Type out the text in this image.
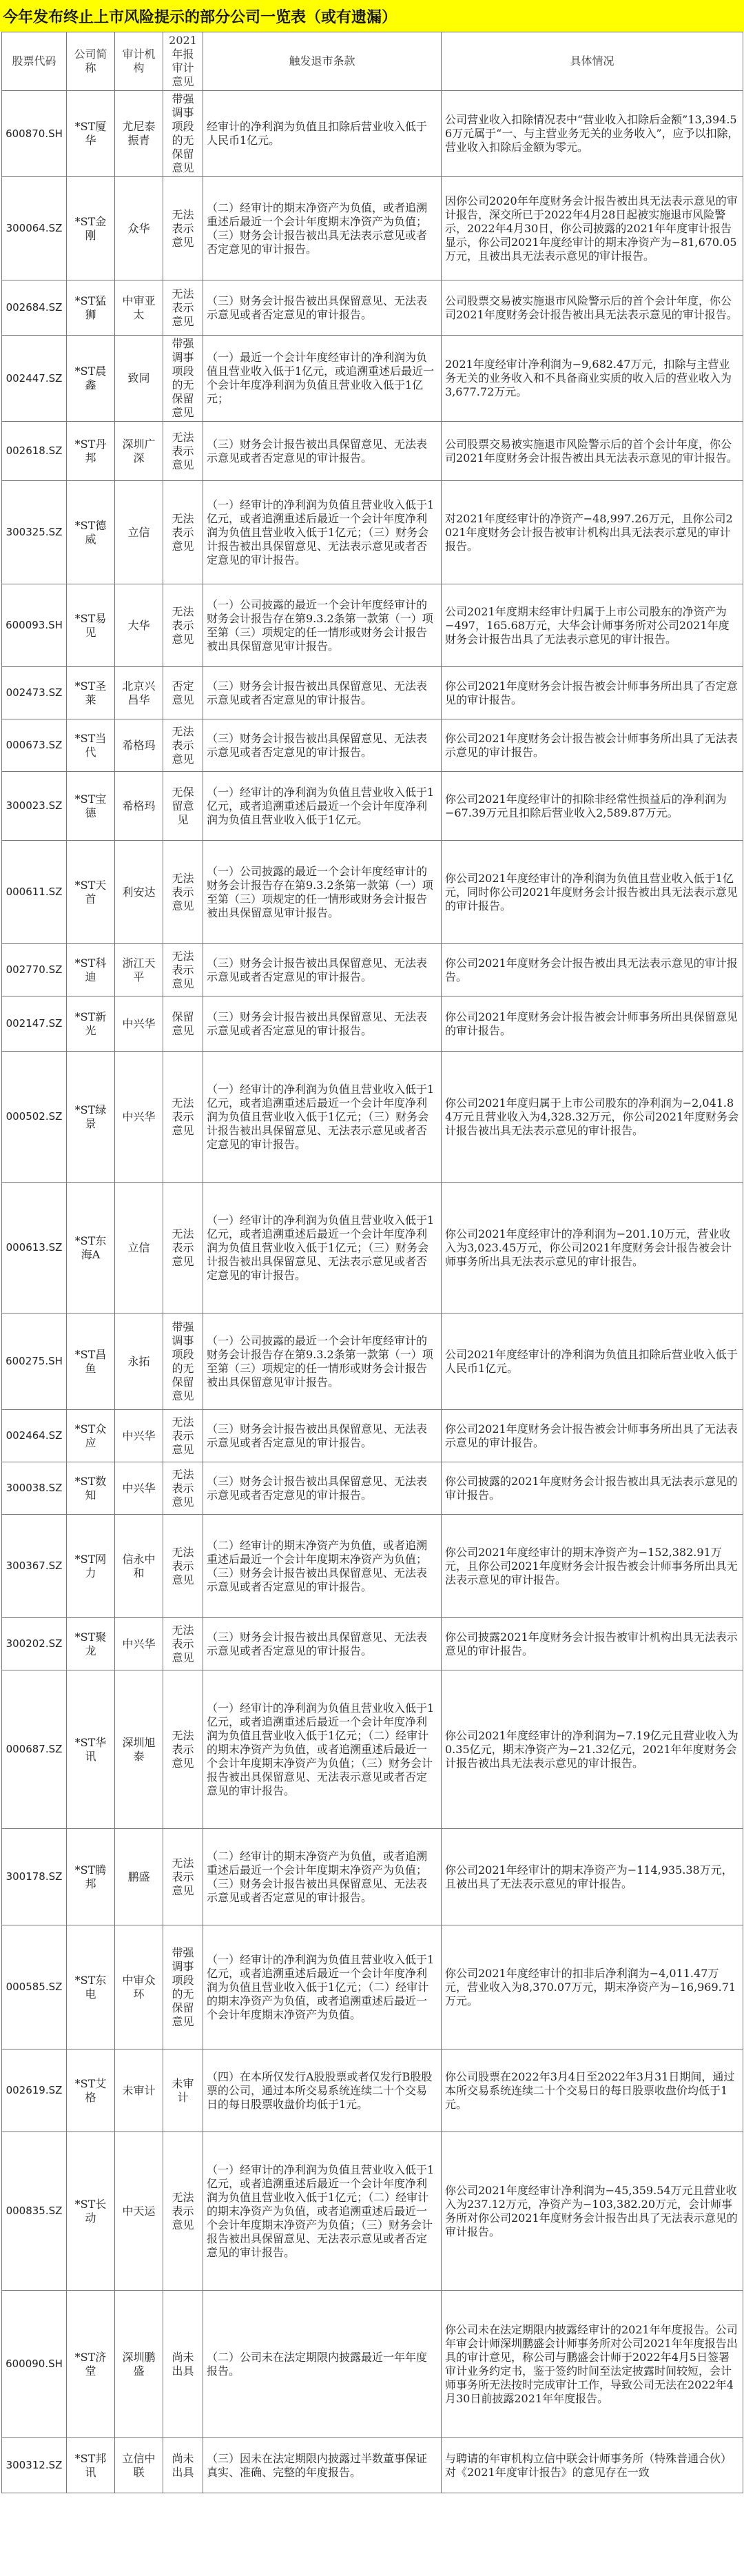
今年发布终止上市风险提示的部分公司一览表（或有遗漏）
股票代码	公司简称	审计机构	2021年报审计意见	触发退市条款	具体情况
600870.SH	*ST厦华	尤尼泰振青	带强调事项段的无保留意见	经审计的净利润为负值且扣除后营业收入低于人民币1亿元。	公司营业收入扣除情况表中“营业收入扣除后金额”13,394.56万元属于“一、与主营业务无关的业务收入”，应予以扣除，营业收入扣除后金额为零元。
300064.SZ	*ST金刚	众华	无法表示意见	（二）经审计的期末净资产为负值，或者追溯重述后最近一个会计年度期末净资产为负值；（三）财务会计报告被出具无法表示意见或者否定意见的审计报告。	因你公司2020年年度财务会计报告被出具无法表示意见的审计报告，深交所已于2022年4月28日起被实施退市风险警示，2022年4月30日，你公司披露的2021年年度审计报告显示，你公司2021年度经审计的期末净资产为−81,670.05万元，且被出具无法表示意见的审计报告。
002684.SZ	*ST猛狮	中审亚太	无法表示意见	（三）财务会计报告被出具保留意见、无法表示意见或者否定意见的审计报告。	公司股票交易被实施退市风险警示后的首个会计年度，你公司2021年度财务会计报告被出具无法表示意见的审计报告。
002447.SZ	*ST晨鑫	致同	带强调事项段的无保留意见	（一）最近一个会计年度经审计的净利润为负值且营业收入低于1亿元，或追溯重述后最近一个会计年度净利润为负值且营业收入低于1亿元；	2021年度经审计净利润为−9,682.47万元，扣除与主营业务无关的业务收入和不具备商业实质的收入后的营业收入为3,677.72万元。
002618.SZ	*ST丹邦	深圳广深	无法表示意见	（三）财务会计报告被出具保留意见、无法表示意见或者否定意见的审计报告。	公司股票交易被实施退市风险警示后的首个会计年度，你公司2021年度财务会计报告被出具无法表示意见的审计报告。
300325.SZ	*ST德威	立信	无法表示意见	（一）经审计的净利润为负值且营业收入低于1亿元，或者追溯重述后最近一个会计年度净利润为负值且营业收入低于1亿元；（三）财务会计报告被出具保留意见、无法表示意见或者否定意见的审计报告。	对2021年度经审计的净资产−48,997.26万元，且你公司2021年度财务会计报告被审计机构出具无法表示意见的审计报告。
600093.SH	*ST易见	大华	无法表示意见	（一）公司披露的最近一个会计年度经审计的财务会计报告存在第9.3.2条第一款第（一）项至第（三）项规定的任一情形或财务会计报告被出具保留意见审计报告。	公司2021年度期末经审计归属于上市公司股东的净资产为−497，165.68万元，大华会计师事务所对公司2021年度财务会计报告出具了无法表示意见的审计报告。
002473.SZ	*ST圣莱	北京兴昌华	否定意见	（三）财务会计报告被出具保留意见、无法表示意见或者否定意见的审计报告。	你公司2021年度财务会计报告被会计师事务所出具了否定意见的审计报告。
000673.SZ	*ST当代	希格玛	无法表示意见	（三）财务会计报告被出具保留意见、无法表示意见或者否定意见的审计报告。	你公司2021年度财务会计报告被会计师事务所出具了无法表示意见的审计报告。
300023.SZ	*ST宝德	希格玛	无保留意见	（一）经审计的净利润为负值且营业收入低于1亿元，或者追溯重述后最近一个会计年度净利润为负值且营业收入低于1亿元。	你公司2021年度经审计的扣除非经常性损益后的净利润为−67.39万元且扣除后营业收入2,589.87万元。
000611.SZ	*ST天首	利安达	无法表示意见	（一）公司披露的最近一个会计年度经审计的财务会计报告存在第9.3.2条第一款第（一）项至第（三）项规定的任一情形或财务会计报告被出具保留意见审计报告。	你公司2021年度经审计的净利润为负值且营业收入低于1亿元，同时你公司2021年度财务会计报告被出具无法表示意见的审计报告。
002770.SZ	*ST科迪	浙江天平	无法表示意见	（三）财务会计报告被出具保留意见、无法表示意见或者否定意见的审计报告。	你公司2021年度财务会计报告被出具无法表示意见的审计报告。
002147.SZ	*ST新光	中兴华	保留意见	（三）财务会计报告被出具保留意见、无法表示意见或者否定意见的审计报告。	你公司2021年度财务会计报告被会计师事务所出具保留意见的审计报告。
000502.SZ	*ST绿景	中兴华	无法表示意见	（一）经审计的净利润为负值且营业收入低于1亿元，或者追溯重述后最近一个会计年度净利润为负值且营业收入低于1亿元；（三）财务会计报告被出具保留意见、无法表示意见或者否定意见的审计报告。	你公司2021年度归属于上市公司股东的净利润为−2,041.84万元且营业收入为4,328.32万元，你公司2021年度财务会计报告被出具无法表示意见的审计报告。
000613.SZ	*ST东海A	立信	无法表示意见	（一）经审计的净利润为负值且营业收入低于1亿元，或者追溯重述后最近一个会计年度净利润为负值且营业收入低于1亿元；（三）财务会计报告被出具保留意见、无法表示意见或者否定意见的审计报告。	你公司2021年度经审计的净利润为−201.10万元，营业收入为3,023.45万元，你公司2021年度财务会计报告被会计师事务所出具无法表示意见的审计报告。
600275.SH	*ST昌鱼	永拓	带强调事项段的无保留意见	（一）公司披露的最近一个会计年度经审计的财务会计报告存在第9.3.2条第一款第（一）项至第（三）项规定的任一情形或财务会计报告被出具保留意见审计报告。	公司2021年度经审计的净利润为负值且扣除后营业收入低于人民币1亿元。
002464.SZ	*ST众应	中兴华	无法表示意见	（三）财务会计报告被出具保留意见、无法表示意见或者否定意见的审计报告。	你公司2021年度财务会计报告被会计师事务所出具了无法表示意见的审计报告。
300038.SZ	*ST数知	中兴华	无法表示意见	（三）财务会计报告被出具保留意见、无法表示意见或者否定意见的审计报告。	你公司披露的2021年度财务会计报告被出具无法表示意见的审计报告。
300367.SZ	*ST网力	信永中和	无法表示意见	（二）经审计的期末净资产为负值，或者追溯重述后最近一个会计年度期末净资产为负值；（三）财务会计报告被出具保留意见、无法表示意见或者否定意见的审计报告。	你公司2021年度经审计的期末净资产为−152,382.91万元，且你公司2021年度财务会计报告被会计师事务所出具无法表示意见的审计报告。
300202.SZ	*ST聚龙	中兴华	无法表示意见	（三）财务会计报告被出具保留意见、无法表示意见或者否定意见的审计报告。	你公司披露2021年度财务会计报告被审计机构出具无法表示意见的审计报告。
000687.SZ	*ST华讯	深圳旭泰	无法表示意见	（一）经审计的净利润为负值且营业收入低于1亿元，或者追溯重述后最近一个会计年度净利润为负值且营业收入低于1亿元；（二）经审计的期末净资产为负值，或者追溯重述后最近一个会计年度期末净资产为负值；（三）财务会计报告被出具保留意见、无法表示意见或者否定意见的审计报告。	你公司2021年度经审计的净利润为−7.19亿元且营业收入为0.35亿元，期末净资产为−21.32亿元，2021年年度财务会计报告被出具无法表示意见的审计报告。
300178.SZ	*ST腾邦	鹏盛	无法表示意见	（二）经审计的期末净资产为负值，或者追溯重述后最近一个会计年度期末净资产为负值；（三）财务会计报告被出具保留意见、无法表示意见或者否定意见的审计报告。	你公司2021年经审计的期末净资产为−114,935.38万元，且被出具了无法表示意见的审计报告。
000585.SZ	*ST东电	中审众环	带强调事项段的无保留意见	（一）经审计的净利润为负值且营业收入低于1亿元，或者追溯重述后最近一个会计年度净利润为负值且营业收入低于1亿元；（二）经审计的期末净资产为负值，或者追溯重述后最近一个会计年度期末净资产为负值。	你公司2021年度经审计的扣非后净利润为−4,011.47万元，营业收入为8,370.07万元，期末净资产为−16,969.71万元。
002619.SZ	*ST艾格	未审计	未审计	（四）在本所仅发行A股股票或者仅发行B股股票的公司，通过本所交易系统连续二十个交易日的每日股票收盘价均低于1元。	你公司股票在2022年3月4日至2022年3月31日期间，通过本所交易系统连续二十个交易日的每日股票收盘价均低于1元。
000835.SZ	*ST长动	中天运	无法表示意见	（一）经审计的净利润为负值且营业收入低于1亿元，或者追溯重述后最近一个会计年度净利润为负值且营业收入低于1亿元；（二）经审计的期末净资产为负值，或者追溯重述后最近一个会计年度期末净资产为负值；（三）财务会计报告被出具保留意见、无法表示意见或者否定意见的审计报告。	你公司2021年度经审计净利润为−45,359.54万元且营业收入为237.12万元，净资产为−103,382.20万元，会计师事务所对你公司2021年度财务会计报告出具了无法表示意见的审计报告。
600090.SH	*ST济堂	深圳鹏盛	尚未出具	（二）公司未在法定期限内披露最近一年年度报告。	你公司未在法定期限内披露经审计的2021年年度报告。公司年审会计师深圳鹏盛会计师事务所对公司2021年年度报告出具的审计意见，称公司与鹏盛会计师于2022年4月5日签署审计业务约定书，鉴于签约时间至法定披露时间较短，会计师事务所无法按时完成审计工作，导致公司无法在2022年4月30日前披露2021年年度报告。
300312.SZ	*ST邦讯	立信中联	尚未出具	（三）因未在法定期限内披露过半数董事保证真实、准确、完整的年度报告。	与聘请的年审机构立信中联会计师事务所（特殊普通合伙）对《2021年度审计报告》的意见存在一致
